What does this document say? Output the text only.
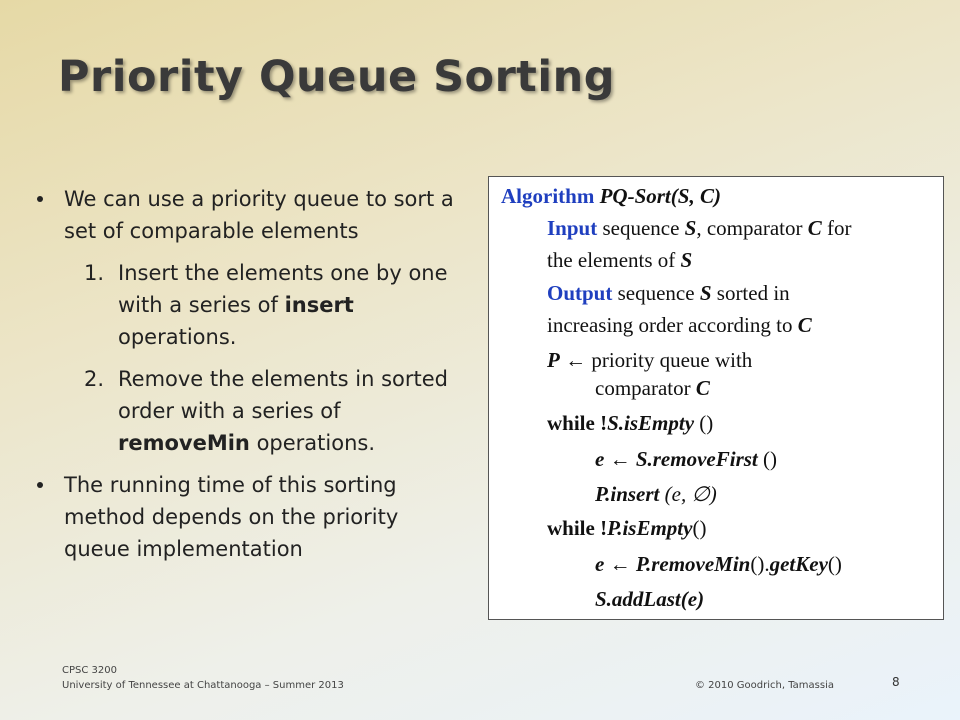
Priority Queue Sorting
We can use a priority queue to sort a set of comparable elements
1. Insert the elements one by one with a series of insert operations.
2. Remove the elements in sorted order with a series of removeMin operations.
The running time of this sorting method depends on the priority queue implementation
Algorithm PQ-Sort(S, C)
Input sequence S, comparator C for
the elements of S
Output sequence S sorted in
increasing order according to C
P ← priority queue with
comparator C
while !S.isEmpty ()
e ← S.removeFirst ()
P.insert (e, ∅)
while !P.isEmpty()
e ← P.removeMin().getKey()
S.addLast(e)
CPSC 3200
University of Tennessee at Chattanooga – Summer 2013	© 2010 Goodrich, Tamassia	8
